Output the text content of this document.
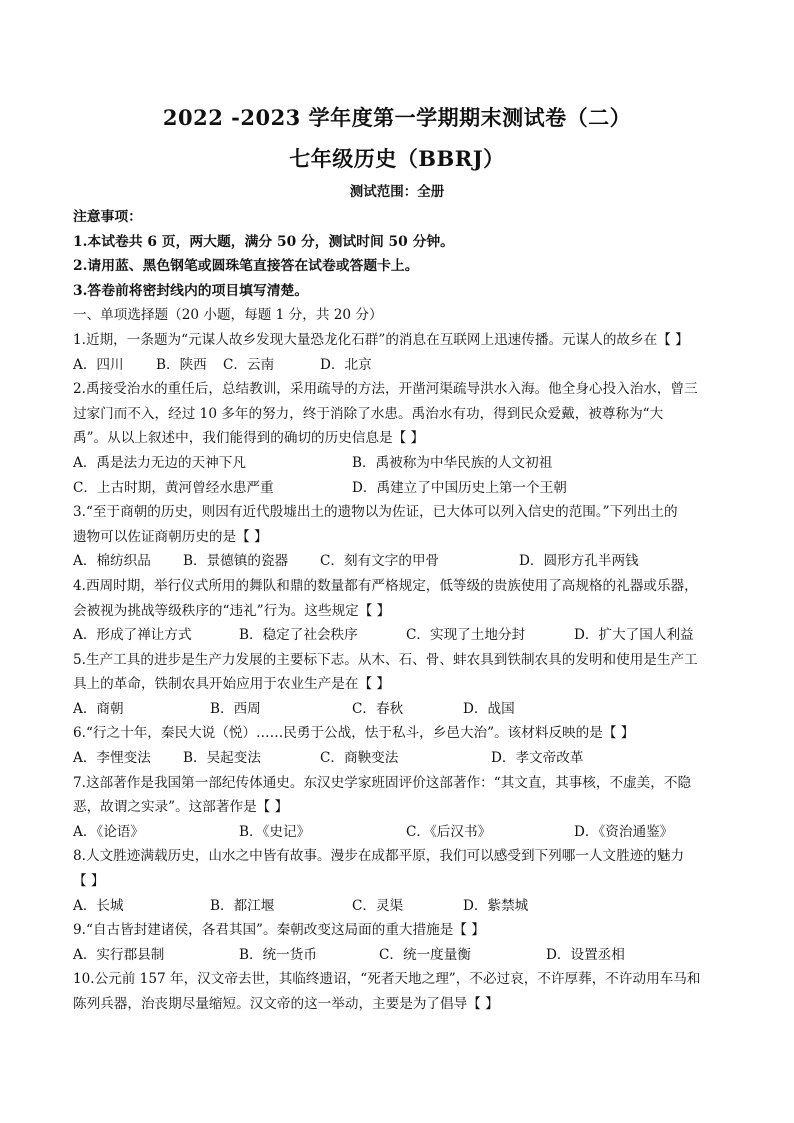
2022 -2023 学年度第一学期期末测试卷（二）
七年级历史（BBRJ）
测试范围：全册
注意事项：
1.本试卷共 6 页，两大题，满分 50 分，测试时间 50 分钟。
2.请用蓝、黑色钢笔或圆珠笔直接答在试卷或答题卡上。
3.答卷前将密封线内的项目填写清楚。
一、单项选择题（20 小题，每题 1 分，共 20 分）
1.近期，一条题为“元谋人故乡发现大量恐龙化石群”的消息在互联网上迅速传播。元谋人的故乡在【 】
A．四川 B．陕西 C．云南	D．北京
2.禹接受治水的重任后，总结教训，采用疏导的方法，开凿河渠疏导洪水入海。他全身心投入治水，曾三
过家门而不入，经过 10 多年的努力，终于消除了水患。禹治水有功，得到民众爱戴，被尊称为“大
禹”。从以上叙述中，我们能得到的确切的历史信息是【 】
A．禹是法力无边的天神下凡	B．禹被称为中华民族的人文初祖
C．上古时期，黄河曾经水患严重	D．禹建立了中国历史上第一个王朝
3.“至于商朝的历史，则因有近代殷墟出土的遗物以为佐证，已大体可以列入信史的范围。”下列出土的
遗物可以佐证商朝历史的是【 】
A．棉纺织品 B．景德镇的瓷器 C．刻有文字的甲骨	D．圆形方孔半两钱
4.西周时期，举行仪式所用的舞队和鼎的数量都有严格规定，低等级的贵族使用了高规格的礼器或乐器，
会被视为挑战等级秩序的“违礼”行为。这些规定【 】
A．形成了禅让方式	B．稳定了社会秩序	C．实现了土地分封	D．扩大了国人利益
5.生产工具的进步是生产力发展的主要标下志。从木、石、骨、蚌农具到铁制农具的发明和使用是生产工
具上的革命，铁制农具开始应用于农业生产是在【 】
A．商朝	B．西周	C．春秋	D．战国
6.“行之十年，秦民大说（悦）……民勇于公战，怯于私斗，乡邑大治”。该材料反映的是【 】
A．李悝变法 B．吴起变法	C．商鞅变法	D．孝文帝改革
7.这部著作是我国第一部纪传体通史。东汉史学家班固评价这部著作：“其文直，其事核，不虚美，不隐
恶，故谓之实录”。这部著作是【 】
A．《论语》	B．《史记》	C．《后汉书》	D．《资治通鉴》
8.人文胜迹满载历史，山水之中皆有故事。漫步在成都平原，我们可以感受到下列哪一人文胜迹的魅力
【 】
A．长城	B．都江堰	C．灵渠	D．紫禁城
9.“自古皆封建诸侯，各君其国”。秦朝改变这局面的重大措施是【 】
A．实行郡县制	B．统一货币	C．统一度量衡	D．设置丞相
10.公元前 157 年，汉文帝去世，其临终遗诏，“死者天地之理”，不必过哀，不许厚葬，不许动用车马和
陈列兵器，治丧期尽量缩短。汉文帝的这一举动，主要是为了倡导【 】
